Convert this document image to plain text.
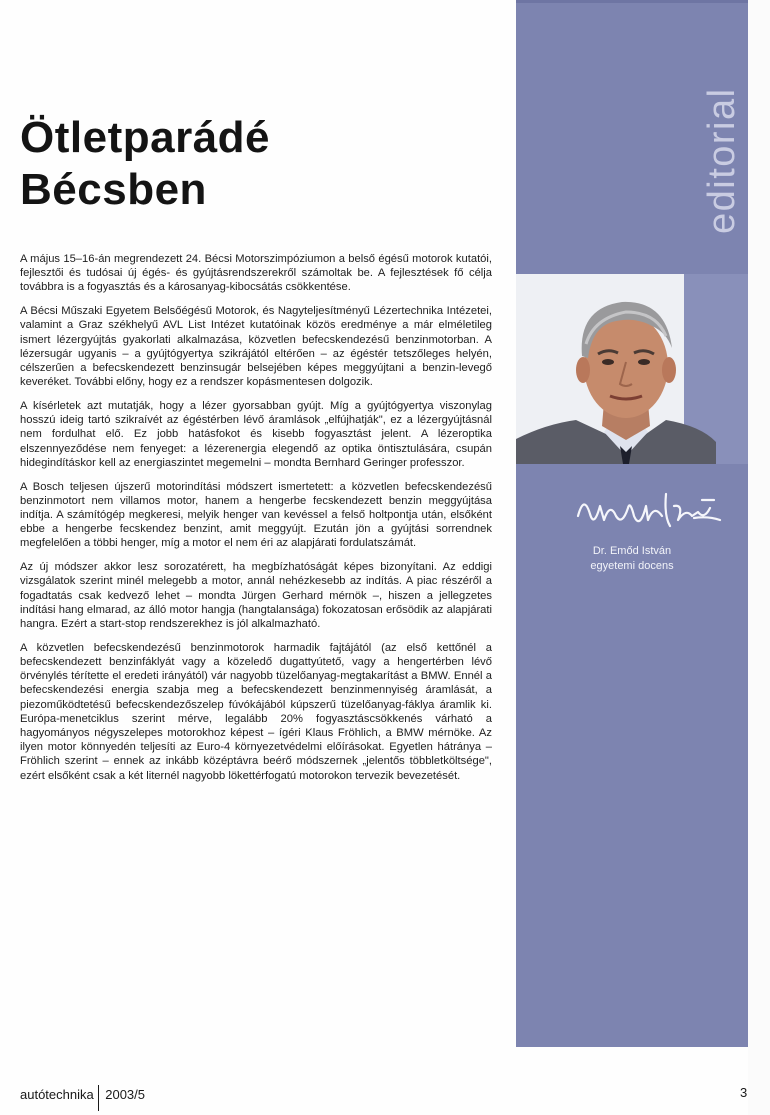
Ötletparádé
Bécsben

A május 15–16-án megrendezett 24. Bécsi Motorszimpóziumon a belső égésű motorok kutatói, fejlesztői és tudósai új égés- és gyújtásrendszerekről számoltak be. A fejlesztések fő célja továbbra is a fogyasztás és a károsanyag-kibocsátás csökkentése.

A Bécsi Műszaki Egyetem Belsőégésű Motorok, és Nagyteljesítményű Lézertechnika Intézetei, valamint a Graz székhelyű AVL List Intézet kutatóinak közös eredménye a már elméletileg ismert lézergyújtás gyakorlati alkalmazása, közvetlen befecskendezésű benzinmotorban. A lézersugár ugyanis – a gyújtógyertya szikrájától eltérően – az égéstér tetszőleges helyén, célszerűen a befecskendezett benzinsugár belsejében képes meggyújtani a benzin-levegő keveréket. További előny, hogy ez a rendszer kopásmentesen dolgozik.

A kísérletek azt mutatják, hogy a lézer gyorsabban gyújt. Míg a gyújtógyertya viszonylag hosszú ideig tartó szikraívét az égéstérben lévő áramlások „elfújhatják", ez a lézergyújtásnál nem fordulhat elő. Ez jobb hatásfokot és kisebb fogyasztást jelent. A lézeroptika elszennyeződése nem fenyeget: a lézerenergia elegendő az optika öntisztulására, csupán hidegindításkor kell az energiaszintet megemelni – mondta Bernhard Geringer professzor.

A Bosch teljesen újszerű motorindítási módszert ismertetett: a közvetlen befecskendezésű benzinmotort nem villamos motor, hanem a hengerbe fecskendezett benzin meggyújtása indítja. A számítógép megkeresi, melyik henger van kevéssel a felső holtpontja után, elsőként ebbe a hengerbe fecskendez benzint, amit meggyújt. Ezután jön a gyújtási sorrendnek megfelelően a többi henger, míg a motor el nem éri az alapjárati fordulatszámát.

Az új módszer akkor lesz sorozatérett, ha megbízhatóságát képes bizonyítani. Az eddigi vizsgálatok szerint minél melegebb a motor, annál nehézkesebb az indítás. A piac részéről a fogadtatás csak kedvező lehet – mondta Jürgen Gerhard mérnök –, hiszen a jellegzetes indítási hang elmarad, az álló motor hangja (hangtalansága) fokozatosan erősödik az alapjárati hangra. Ezért a start-stop rendszerekhez is jól alkalmazható.

A közvetlen befecskendezésű benzinmotorok harmadik fajtájától (az első kettőnél a befecskendezett benzinfáklyát vagy a közeledő dugattyútető, vagy a hengertérben lévő örvénylés térítette el eredeti irányától) vár nagyobb tüzelőanyag-megtakarítást a BMW. Ennél a befecskendezési energia szabja meg a befecskendezett benzinmennyiség áramlását, a piezoműködtetésű befecskendezőszelep fúvókájából kúpszerű tüzelőanyag-fáklya áramlik ki. Európa-menetciklus szerint mérve, legalább 20% fogyasztáscsökkenés várható a hagyományos négyszelepes motorokhoz képest – ígéri Klaus Fröhlich, a BMW mérnöke. Az ilyen motor könnyedén teljesíti az Euro-4 környezetvédelmi előírásokat. Egyetlen hátránya – Fröhlich szerint – ennek az inkább középtávra beérő módszernek „jelentős többletköltsége", ezért elsőként csak a két liternél nagyobb lökettérfogatú motorokon tervezik bevezetését.

editorial
Dr. Emőd István
egyetemi docens
autótechnika 2003/5	3
